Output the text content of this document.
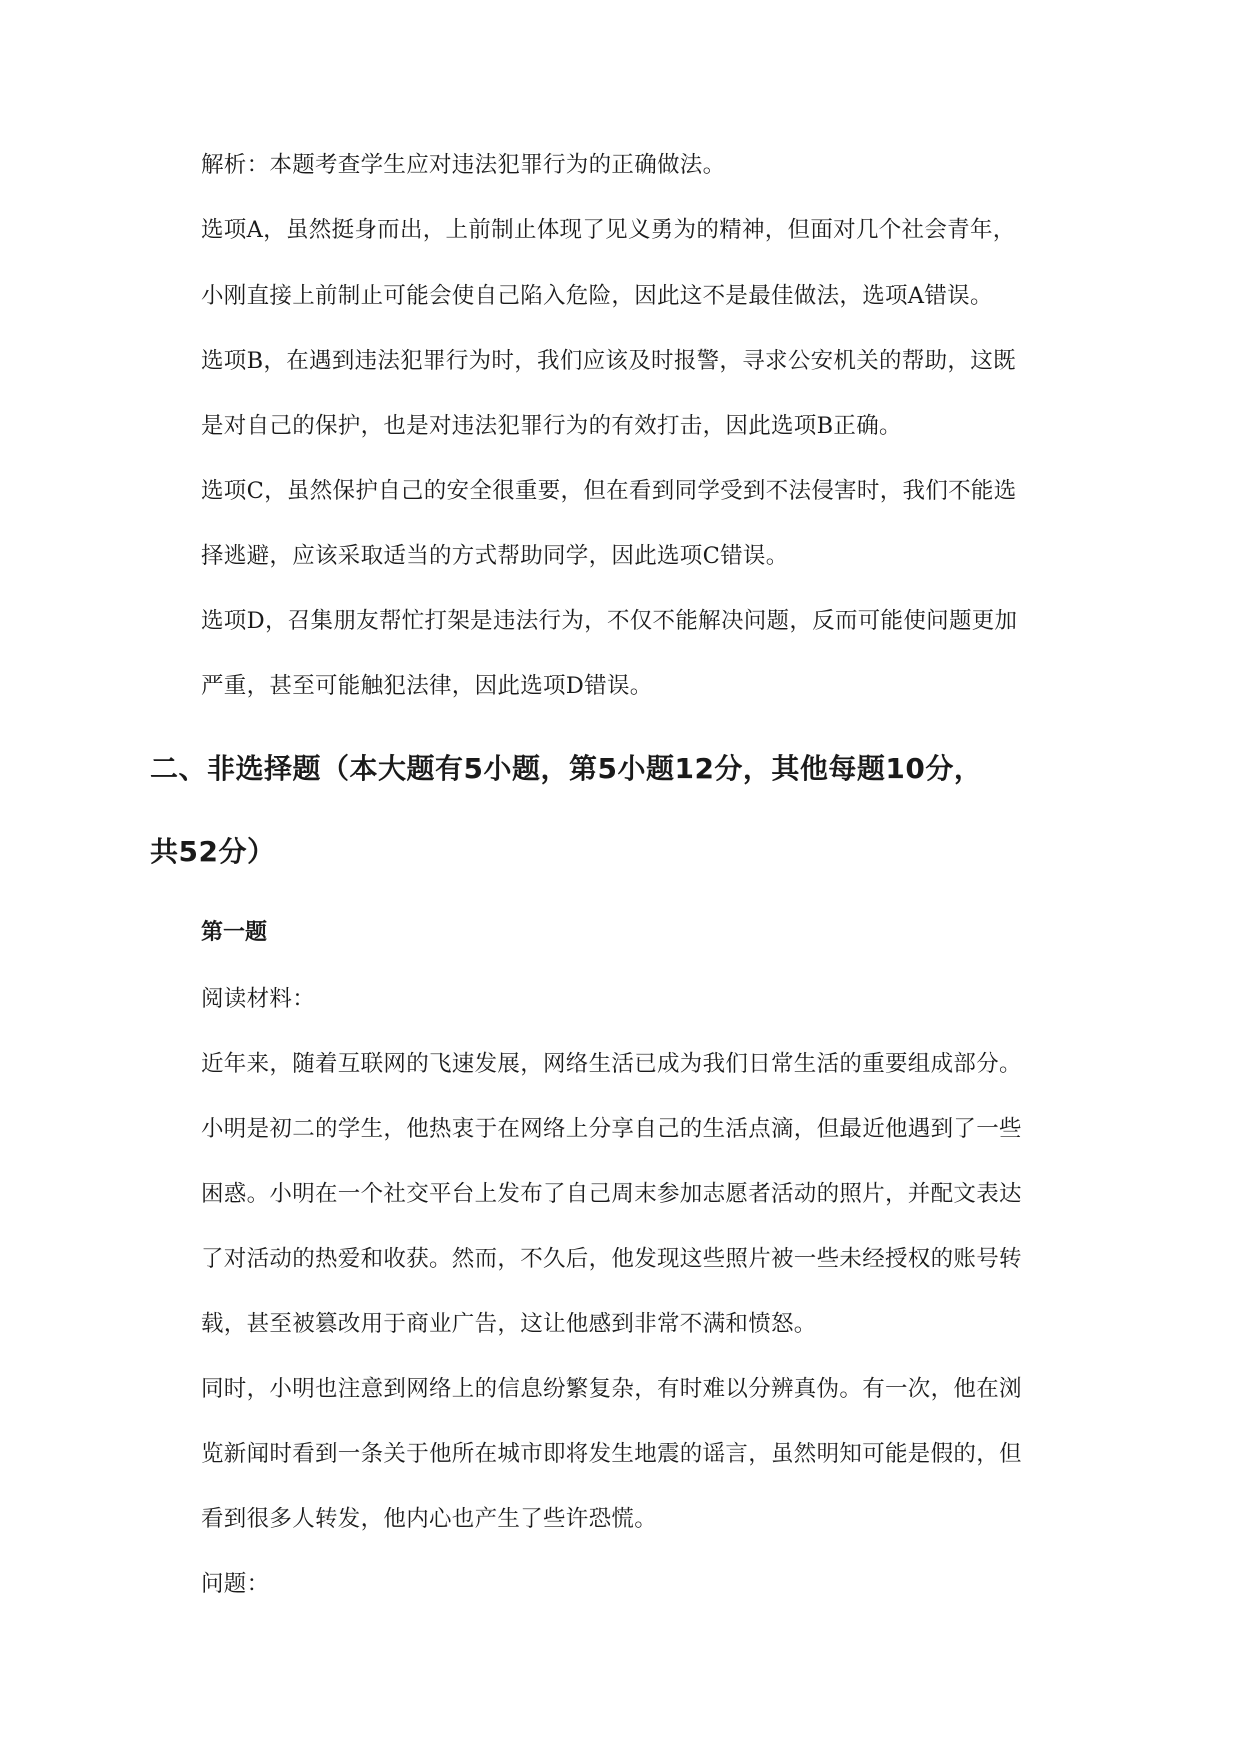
解析：本题考查学生应对违法犯罪行为的正确做法。
选项A，虽然挺身而出，上前制止体现了见义勇为的精神，但面对几个社会青年，
小刚直接上前制止可能会使自己陷入危险，因此这不是最佳做法，选项A错误。
选项B，在遇到违法犯罪行为时，我们应该及时报警，寻求公安机关的帮助，这既
是对自己的保护，也是对违法犯罪行为的有效打击，因此选项B正确。
选项C，虽然保护自己的安全很重要，但在看到同学受到不法侵害时，我们不能选
择逃避，应该采取适当的方式帮助同学，因此选项C错误。
选项D，召集朋友帮忙打架是违法行为，不仅不能解决问题，反而可能使问题更加
严重，甚至可能触犯法律，因此选项D错误。
二、非选择题（本大题有5小题，第5小题12分，其他每题10分，
共52分）
第一题
阅读材料：
近年来，随着互联网的飞速发展，网络生活已成为我们日常生活的重要组成部分。
小明是初二的学生，他热衷于在网络上分享自己的生活点滴，但最近他遇到了一些
困惑。小明在一个社交平台上发布了自己周末参加志愿者活动的照片，并配文表达
了对活动的热爱和收获。然而，不久后，他发现这些照片被一些未经授权的账号转
载，甚至被篡改用于商业广告，这让他感到非常不满和愤怒。
同时，小明也注意到网络上的信息纷繁复杂，有时难以分辨真伪。有一次，他在浏
览新闻时看到一条关于他所在城市即将发生地震的谣言，虽然明知可能是假的，但
看到很多人转发，他内心也产生了些许恐慌。
问题：
